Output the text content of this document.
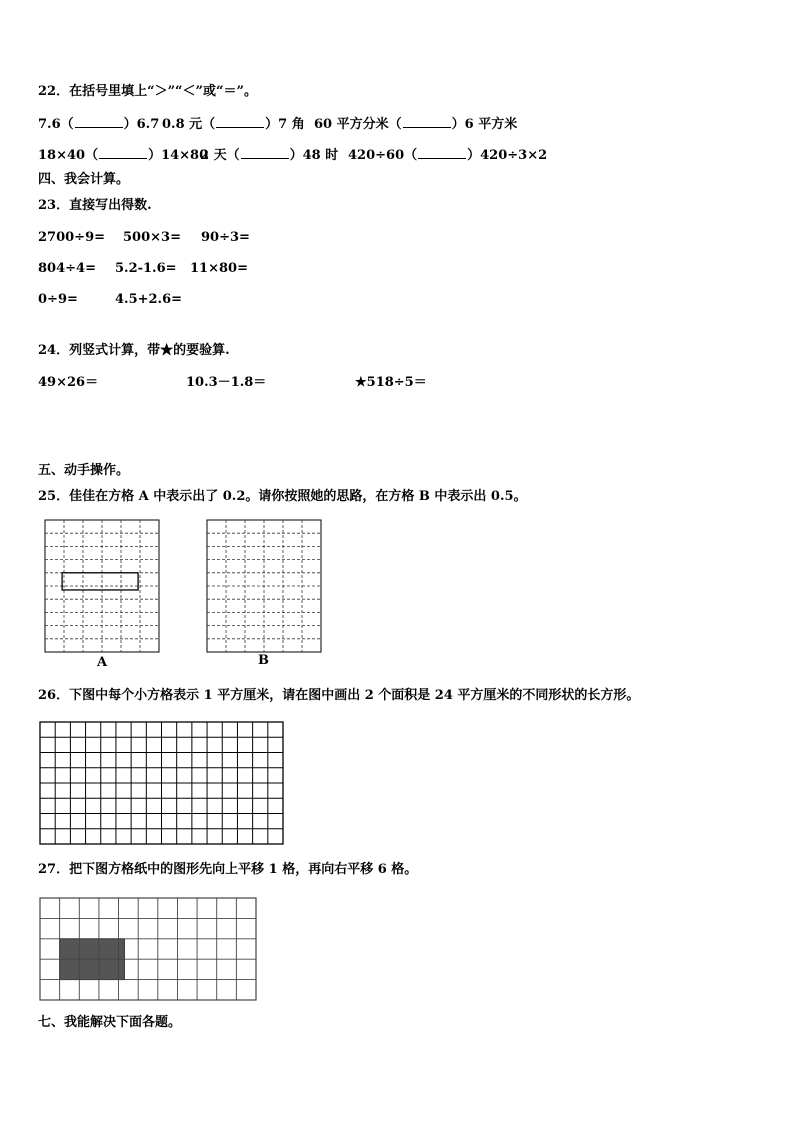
22．在括号里填上“＞”“＜”或“＝”。
7.6（	）6.7 0.8 元（	）7 角 60 平方分米（	）6 平方米
18×40（	）14×80
2 天（	）48 时 420÷60（	）420÷3×2
四、我会计算。
23．直接写出得数.
2700÷9= 500×3= 90÷3=
804÷4= 5.2-1.6= 11×80=
0÷9=	4.5+2.6=
24．列竖式计算，带★的要验算.
49×26＝	10.3－1.8＝	★518÷5＝
五、动手操作。
25．佳佳在方格 A 中表示出了 0.2。请你按照她的思路，在方格 B 中表示出 0.5。
A	B
26．下图中每个小方格表示 1 平方厘米，请在图中画出 2 个面积是 24 平方厘米的不同形状的长方形。
27．把下图方格纸中的图形先向上平移 1 格，再向右平移 6 格。
七、我能解决下面各题。
